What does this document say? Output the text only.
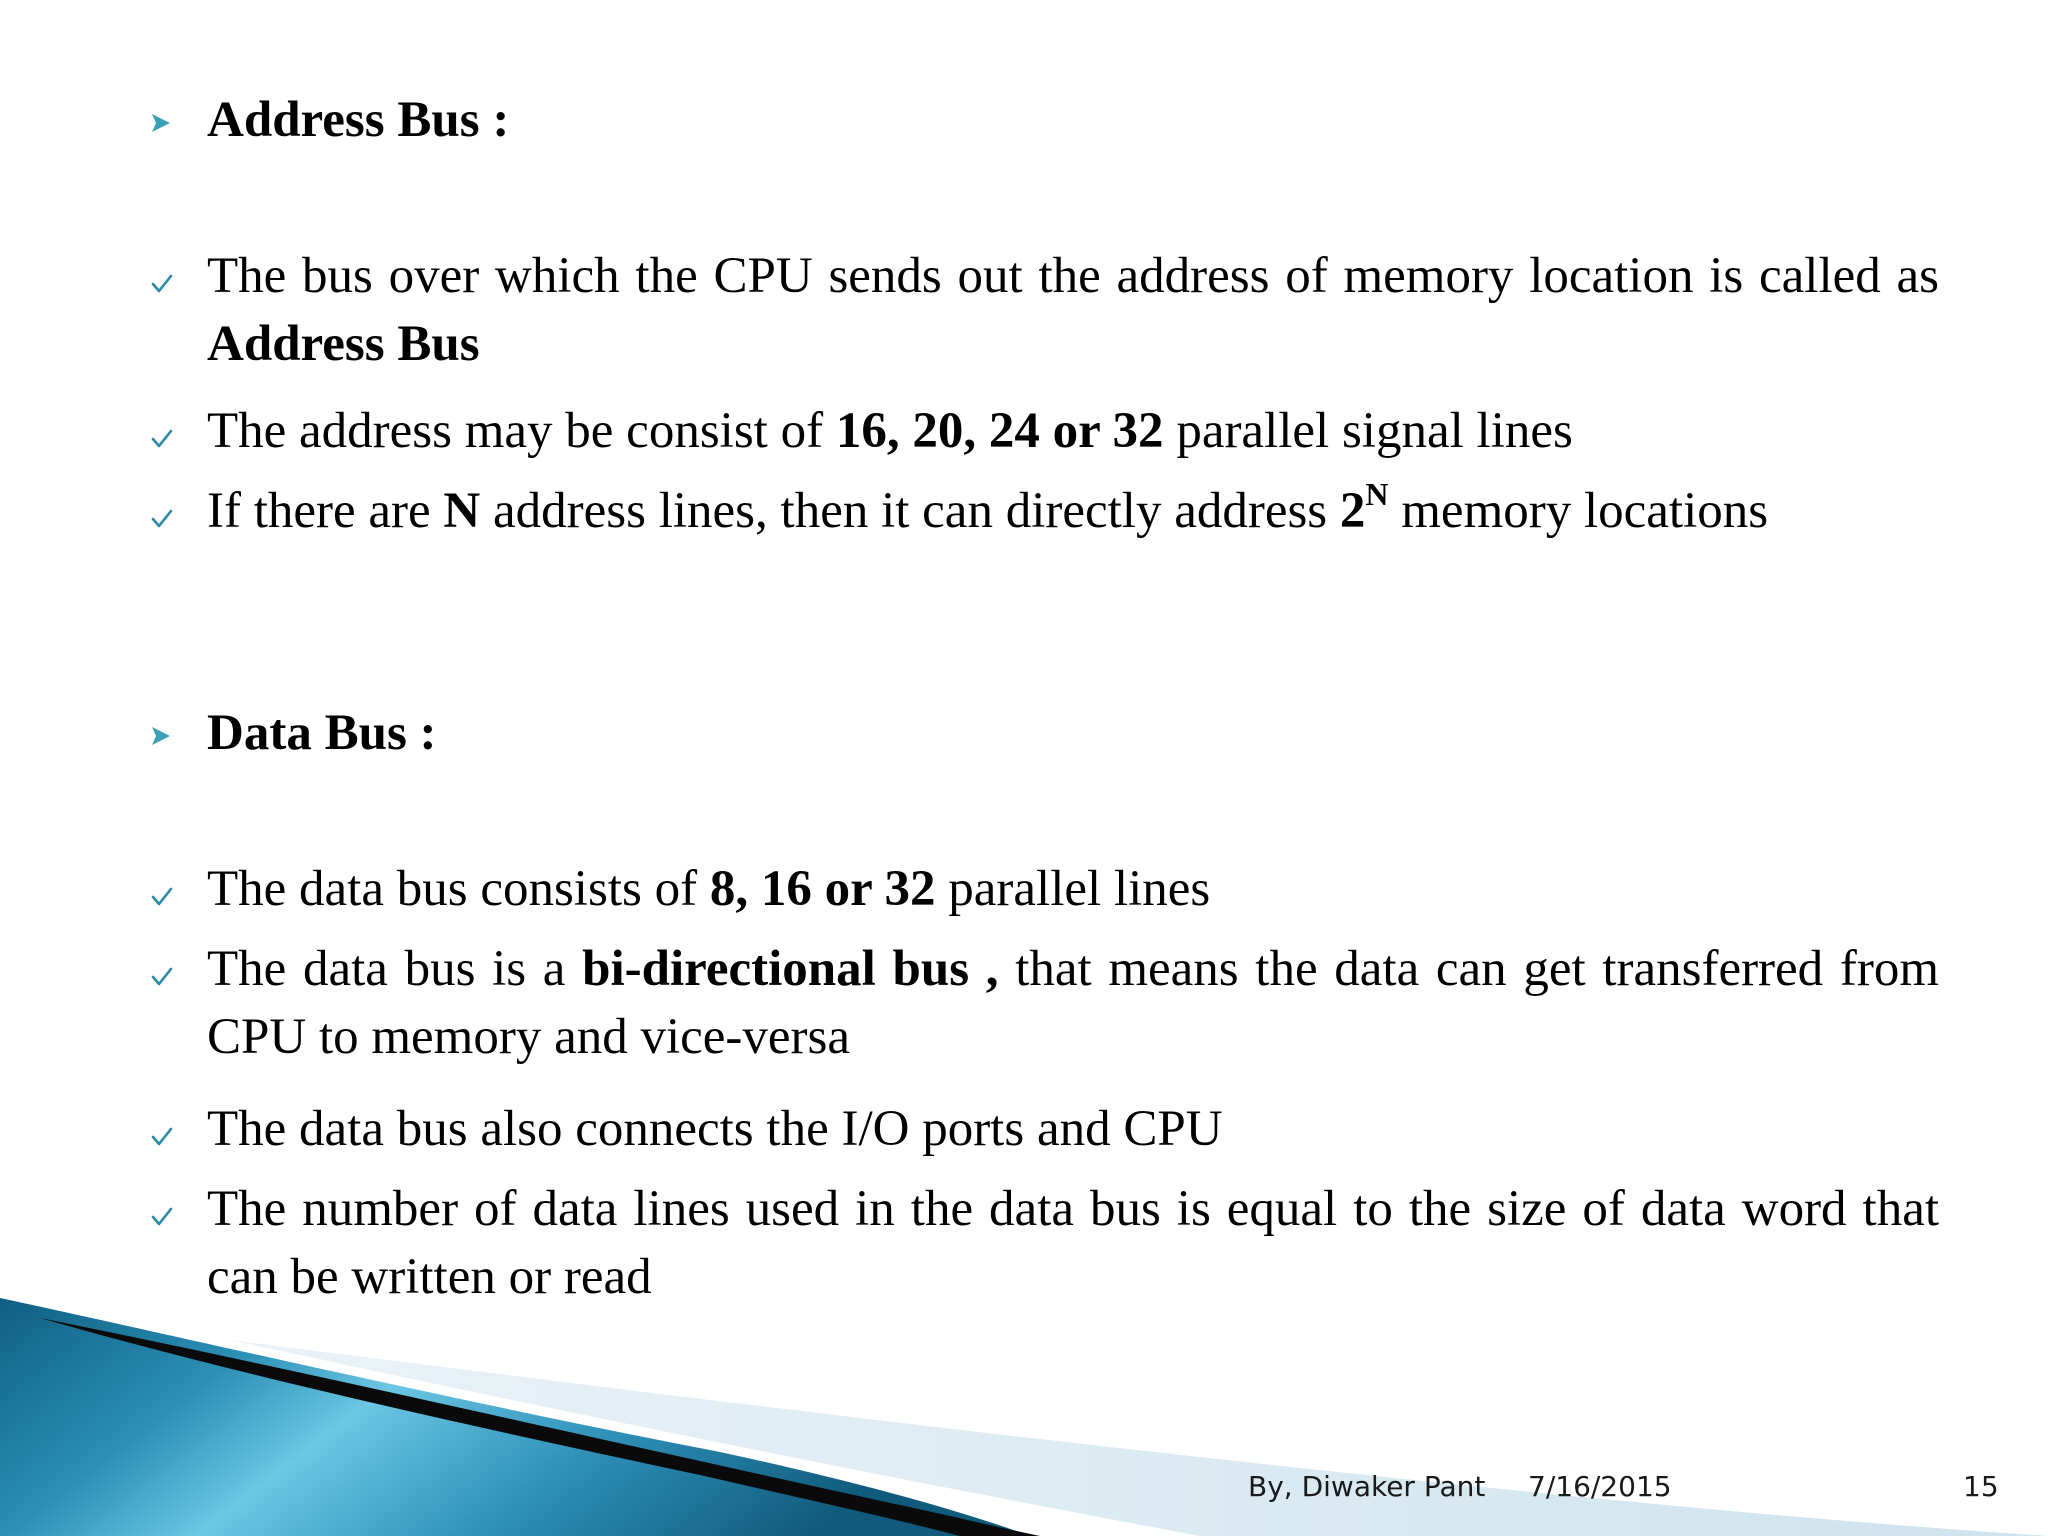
Address Bus :
The bus over which the CPU sends out the address of memory location is called as Address Bus
The address may be consist of 16, 20, 24 or 32 parallel signal lines
If there are N address lines, then it can directly address $2^N$ memory locations
Data Bus :
The data bus consists of 8, 16 or 32 parallel lines
The data bus is a bi-directional bus , that means the data can get transferred from CPU to memory and vice-versa
The data bus also connects the I/O ports and CPU
The number of data lines used in the data bus is equal to the size of data word that can be written or read
By, Diwaker Pant 7/16/2015	15
